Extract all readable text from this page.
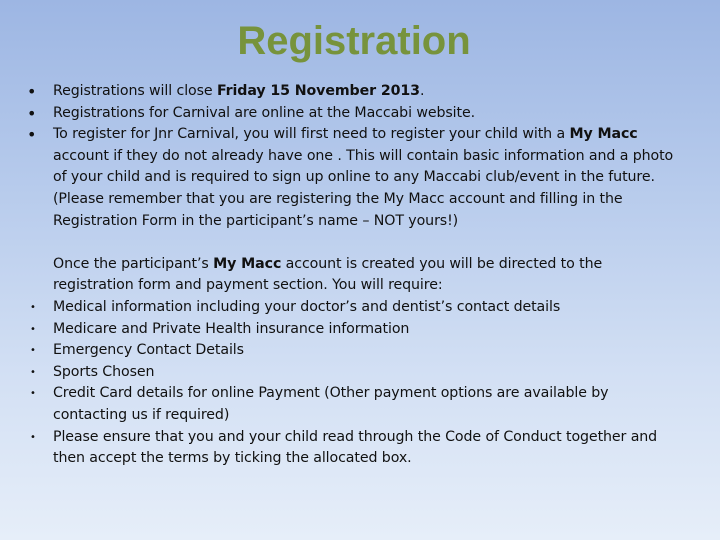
Registration
• Registrations will close Friday 15 November 2013.
• Registrations for Carnival are online at the Maccabi website.
• To register for Jnr Carnival, you will first need to register your child with a My Macc account if they do not already have one . This will contain basic information and a photo of your child and is required to sign up online to any Maccabi club/event in the future. (Please remember that you are registering the My Macc account and filling in the Registration Form in the participant’s name – NOT yours!)
Once the participant’s My Macc account is created you will be directed to the registration form and payment section. You will require:
• Medical information including your doctor’s and dentist’s contact details
• Medicare and Private Health insurance information
• Emergency Contact Details
• Sports Chosen
• Credit Card details for online Payment (Other payment options are available by contacting us if required)
• Please ensure that you and your child read through the Code of Conduct together and then accept the terms by ticking the allocated box.
